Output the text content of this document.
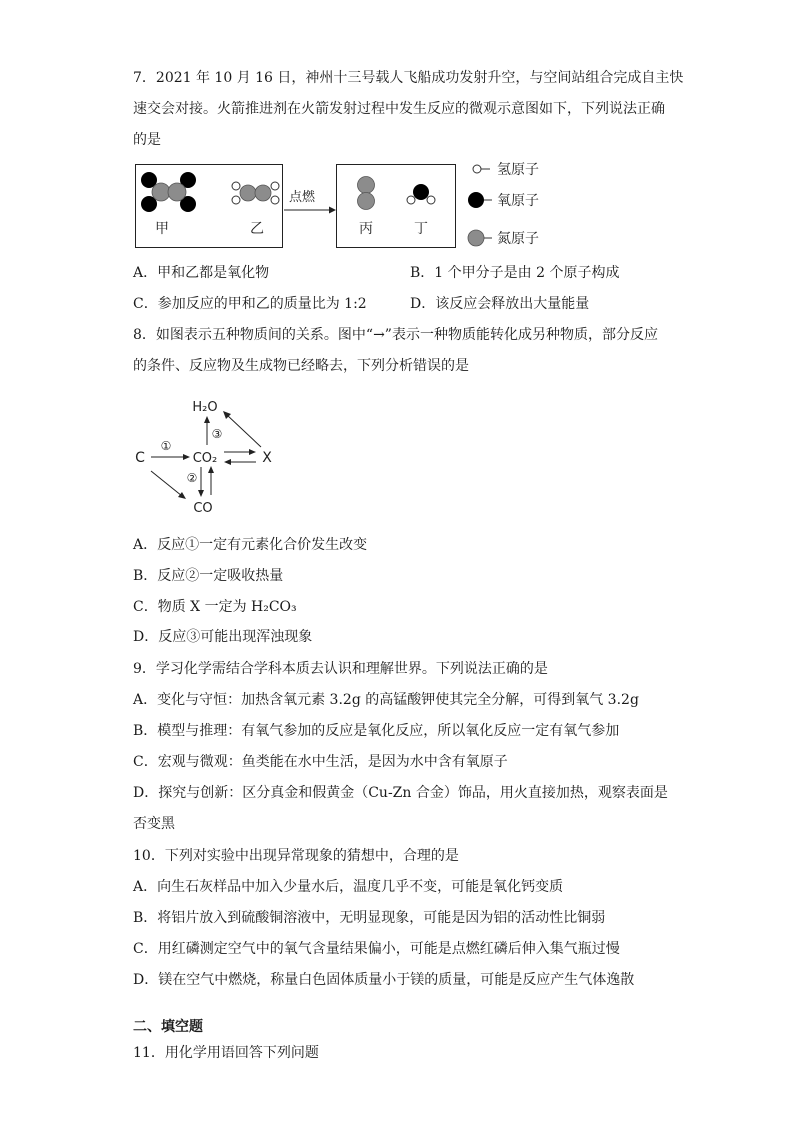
7．2021 年 10 月 16 日，神州十三号载人飞船成功发射升空，与空间站组合完成自主快
速交会对接。火箭推进剂在火箭发射过程中发生反应的微观示意图如下，下列说法正确
的是
甲	乙
点燃
丙	丁
氢原子
氧原子
氮原子
A．甲和乙都是氧化物	B．1 个甲分子是由 2 个原子构成
C．参加反应的甲和乙的质量比为 1:2	D．该反应会释放出大量能量
8．如图表示五种物质间的关系。图中“→”表示一种物质能转化成另种物质，部分反应
的条件、反应物及生成物已经略去，下列分析错误的是
H₂O
C	CO₂	X
CO
①
②
③
A．反应①一定有元素化合价发生改变
B．反应②一定吸收热量
C．物质 X 一定为 H₂CO₃
D．反应③可能出现浑浊现象
9．学习化学需结合学科本质去认识和理解世界。下列说法正确的是
A．变化与守恒：加热含氧元素 3.2g 的高锰酸钾使其完全分解，可得到氧气 3.2g
B．模型与推理：有氧气参加的反应是氧化反应，所以氧化反应一定有氧气参加
C．宏观与微观：鱼类能在水中生活，是因为水中含有氧原子
D．探究与创新：区分真金和假黄金（Cu-Zn 合金）饰品，用火直接加热，观察表面是
否变黑
10．下列对实验中出现异常现象的猜想中，合理的是
A．向生石灰样品中加入少量水后，温度几乎不变，可能是氧化钙变质
B．将铝片放入到硫酸铜溶液中，无明显现象，可能是因为铝的活动性比铜弱
C．用红磷测定空气中的氧气含量结果偏小，可能是点燃红磷后伸入集气瓶过慢
D．镁在空气中燃烧，称量白色固体质量小于镁的质量，可能是反应产生气体逸散
二、填空题
11．用化学用语回答下列问题
